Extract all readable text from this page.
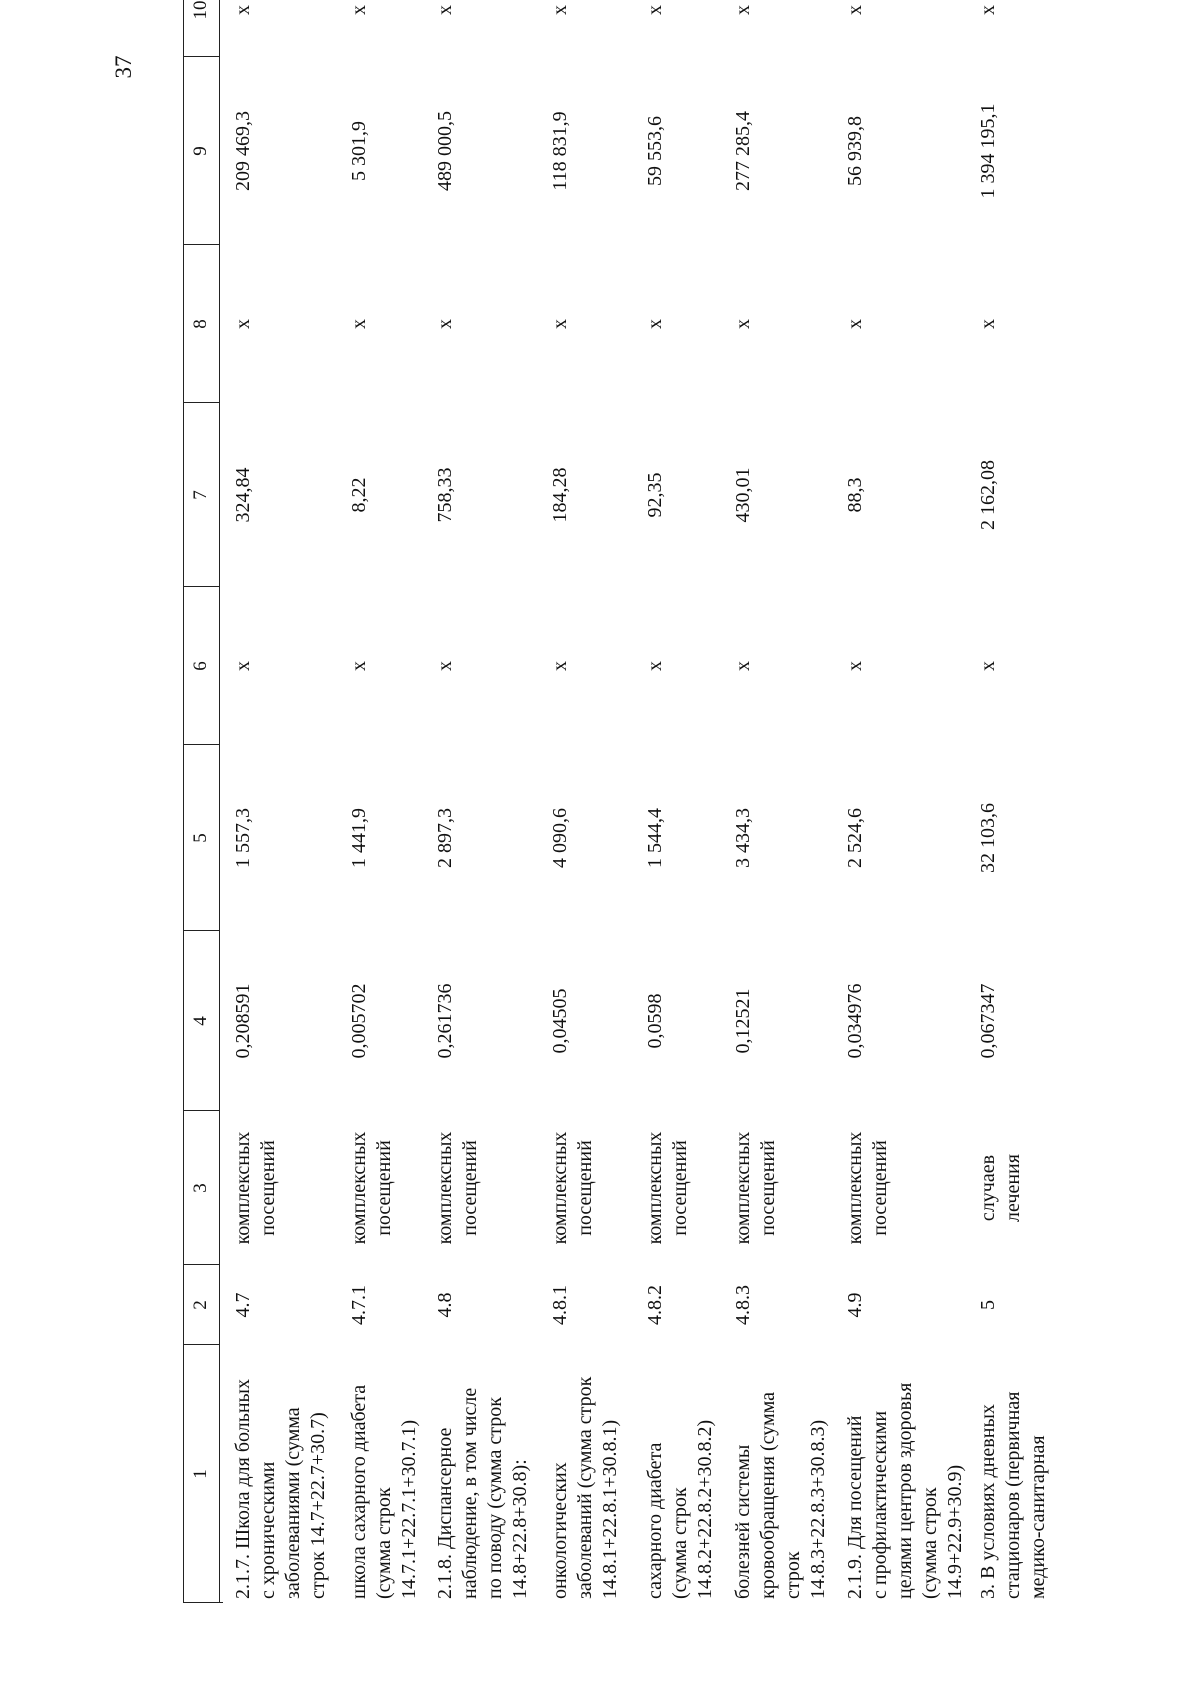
37
1
2
3
4
5
6
7
8
9
10
2.1.7. Школа для больных с хроническими заболеваниями (сумма строк 14.7+22.7+30.7)
4.7
комплексных посещений
0,208591
1 557,3
x
324,84
x
209 469,3
x
школа сахарного диабета (сумма строк 14.7.1+22.7.1+30.7.1)
4.7.1
комплексных посещений
0,005702
1 441,9
x
8,22
x
5 301,9
x
2.1.8. Диспансерное наблюдение, в том числе по поводу (сумма строк 14.8+22.8+30.8):
4.8
комплексных посещений
0,261736
2 897,3
x
758,33
x
489 000,5
x
онкологических заболеваний (сумма строк 14.8.1+22.8.1+30.8.1)
4.8.1
комплексных посещений
0,04505
4 090,6
x
184,28
x
118 831,9
x
сахарного диабета (сумма строк 14.8.2+22.8.2+30.8.2)
4.8.2
комплексных посещений
0,0598
1 544,4
x
92,35
x
59 553,6
x
болезней системы кровообращения (сумма строк 14.8.3+22.8.3+30.8.3)
4.8.3
комплексных посещений
0,12521
3 434,3
x
430,01
x
277 285,4
x
2.1.9. Для посещений с профилактическими целями центров здоровья (сумма строк 14.9+22.9+30.9)
4.9
комплексных посещений
0,034976
2 524,6
x
88,3
x
56 939,8
x
3. В условиях дневных стационаров (первичная медико-санитарная
5
случаев лечения
0,067347
32 103,6
x
2 162,08
x
1 394 195,1
x
